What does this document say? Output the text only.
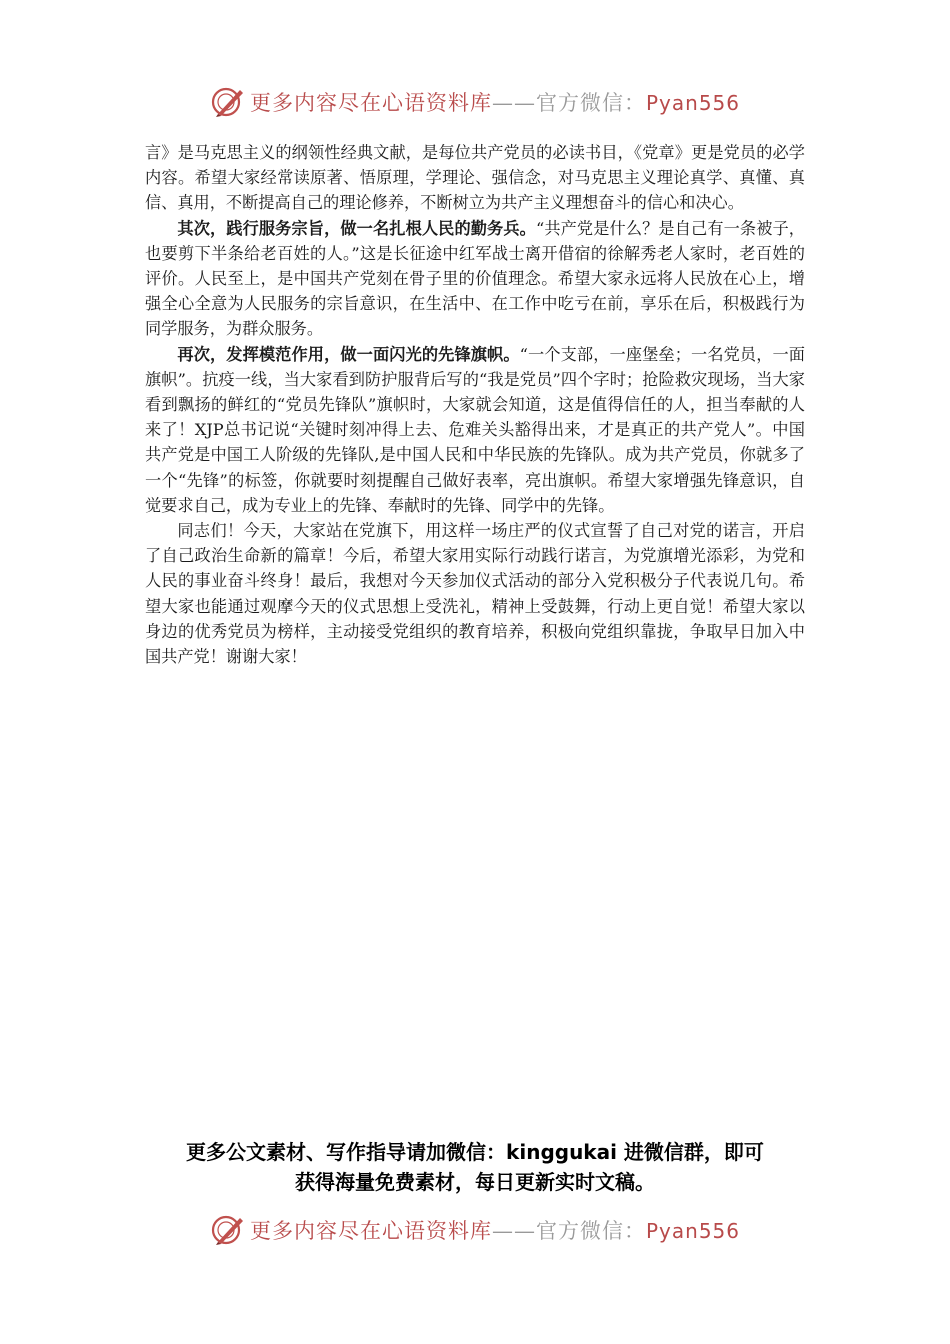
更多内容尽在心语资料库——官方微信：Pyan556

言》是马克思主义的纲领性经典文献，是每位共产党员的必读书目，《党章》更是党员的必学内容。希望大家经常读原著、悟原理，学理论、强信念，对马克思主义理论真学、真懂、真信、真用，不断提高自己的理论修养，不断树立为共产主义理想奋斗的信心和决心。

其次，践行服务宗旨，做一名扎根人民的勤务兵。“共产党是什么？是自己有一条被子，也要剪下半条给老百姓的人。”这是长征途中红军战士离开借宿的徐解秀老人家时，老百姓的评价。人民至上，是中国共产党刻在骨子里的价值理念。希望大家永远将人民放在心上，增强全心全意为人民服务的宗旨意识，在生活中、在工作中吃亏在前，享乐在后，积极践行为同学服务，为群众服务。

再次，发挥模范作用，做一面闪光的先锋旗帜。“一个支部，一座堡垒；一名党员，一面旗帜”。抗疫一线，当大家看到防护服背后写的“我是党员”四个字时；抢险救灾现场，当大家看到飘扬的鲜红的“党员先锋队”旗帜时，大家就会知道，这是值得信任的人，担当奉献的人来了！XJP总书记说“关键时刻冲得上去、危难关头豁得出来，才是真正的共产党人”。中国共产党是中国工人阶级的先锋队,是中国人民和中华民族的先锋队。成为共产党员，你就多了一个“先锋”的标签，你就要时刻提醒自己做好表率，亮出旗帜。希望大家增强先锋意识，自觉要求自己，成为专业上的先锋、奉献时的先锋、同学中的先锋。

同志们！今天，大家站在党旗下，用这样一场庄严的仪式宣誓了自己对党的诺言，开启了自己政治生命新的篇章！今后，希望大家用实际行动践行诺言，为党旗增光添彩，为党和人民的事业奋斗终身！最后，我想对今天参加仪式活动的部分入党积极分子代表说几句。希望大家也能通过观摩今天的仪式思想上受洗礼，精神上受鼓舞，行动上更自觉！希望大家以身边的优秀党员为榜样，主动接受党组织的教育培养，积极向党组织靠拢，争取早日加入中国共产党！谢谢大家！

更多公文素材、写作指导请加微信：kinggukai 进微信群，即可
获得海量免费素材，每日更新实时文稿。
更多内容尽在心语资料库——官方微信：Pyan556
